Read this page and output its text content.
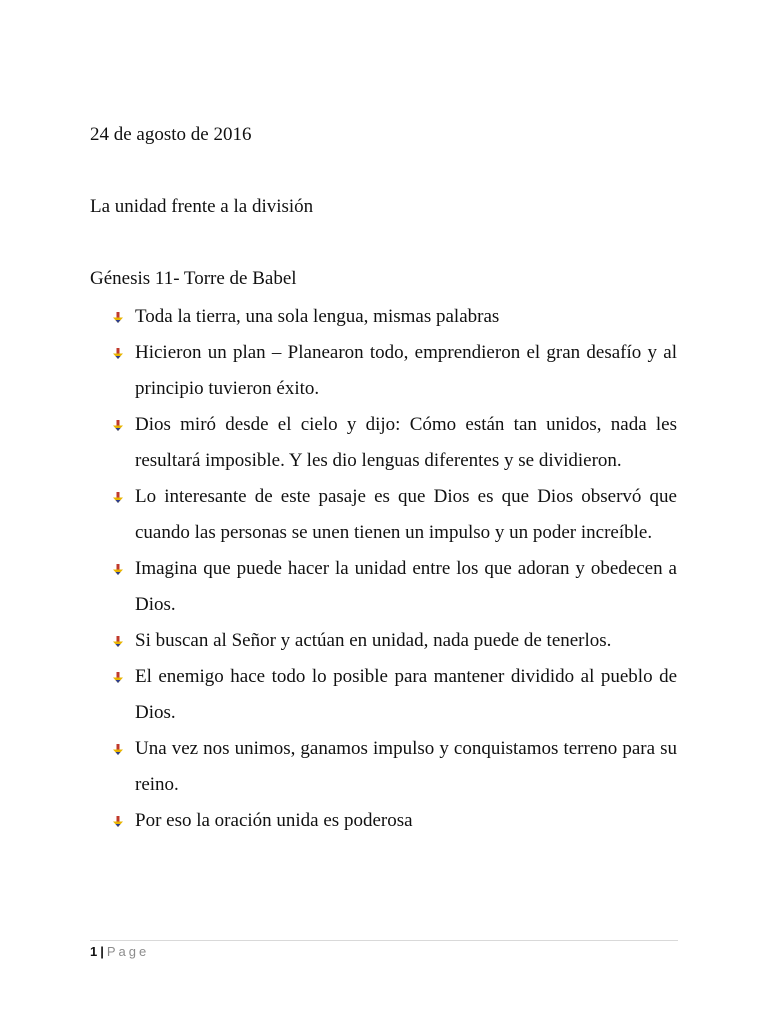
24 de agosto de 2016
La unidad frente a la división
Génesis 11- Torre de Babel
Toda la tierra, una sola lengua, mismas palabras
Hicieron un plan – Planearon todo, emprendieron el gran desafío y al principio tuvieron éxito.
Dios miró desde el cielo y dijo: Cómo están tan unidos, nada les resultará imposible. Y les dio lenguas diferentes y se dividieron.
Lo interesante de este pasaje es que Dios es que Dios observó que cuando las personas se unen tienen un impulso y un poder increíble.
Imagina que puede hacer la unidad entre los que adoran y obedecen a Dios.
Si buscan al Señor y actúan en unidad, nada puede de tenerlos.
El enemigo hace todo lo posible para mantener dividido al pueblo de Dios.
Una vez nos unimos, ganamos impulso y conquistamos terreno para su reino.
Por eso la oración unida es poderosa
1 | Page
